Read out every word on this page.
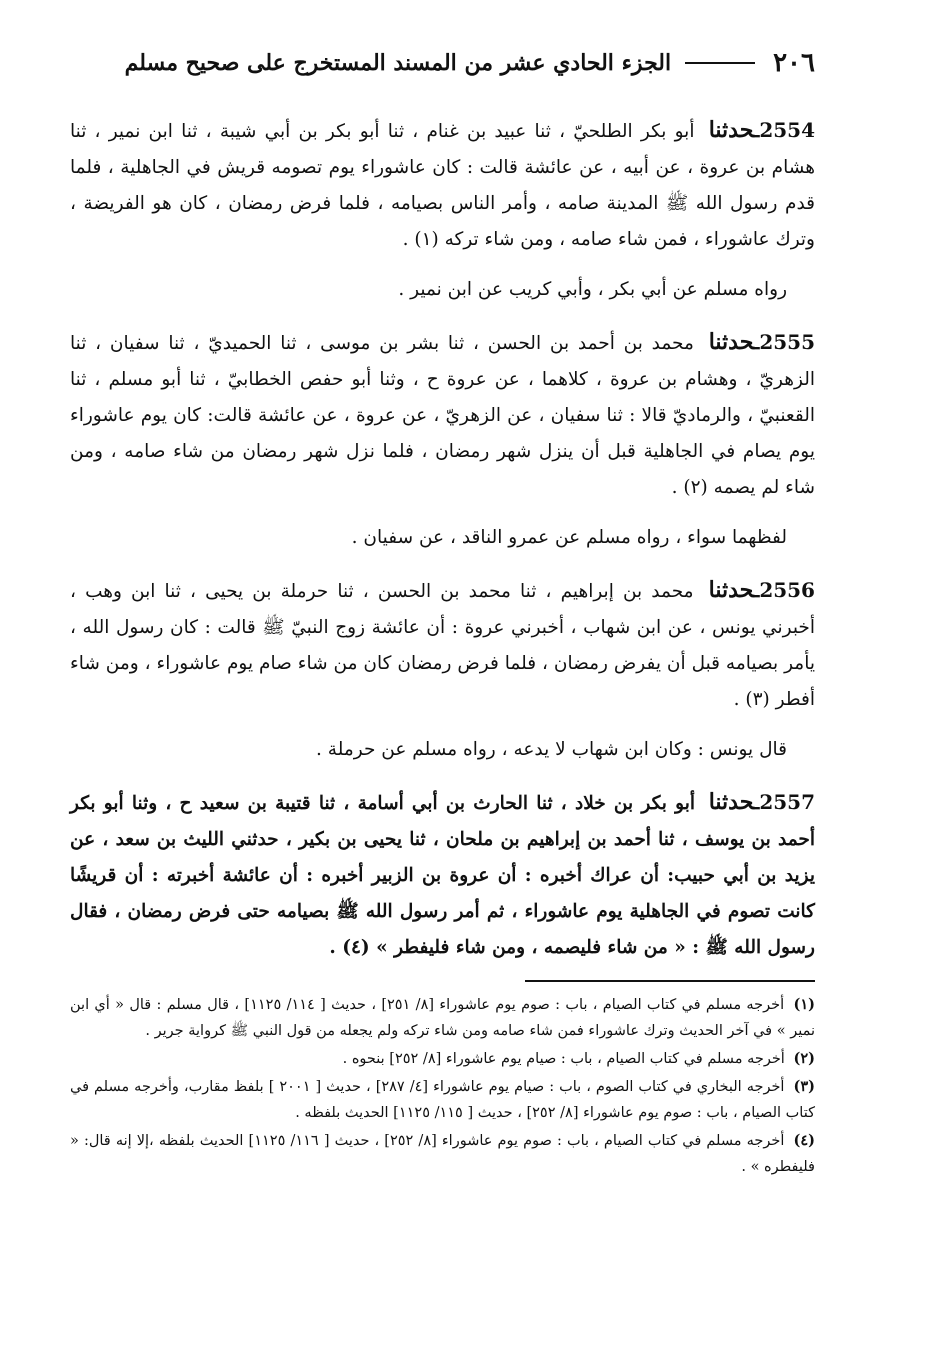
٢٠٦
الجزء الحادي عشر من المسند المستخرج على صحيح مسلم

2554ـحدثنا أبو بكر الطلحيّ ، ثنا عبيد بن غنام ، ثنا أبو بكر بن أبي شيبة ، ثنا ابن نمير ، ثنا هشام بن عروة ، عن أبيه ، عن عائشة قالت : كان عاشوراء يوم تصومه قريش في الجاهلية ، فلما قدم رسول الله ﷺ المدينة صامه ، وأمر الناس بصيامه ، فلما فرض رمضان ، كان هو الفريضة ، وترك عاشوراء ، فمن شاء صامه ، ومن شاء تركه (١) .

رواه مسلم عن أبي بكر ، وأبي كريب عن ابن نمير .

2555ـحدثنا محمد بن أحمد بن الحسن ، ثنا بشر بن موسى ، ثنا الحميديّ ، ثنا سفيان ، ثنا الزهريّ ، وهشام بن عروة ، كلاهما ، عن عروة ح ، وثنا أبو حفص الخطابيّ ، ثنا أبو مسلم ، ثنا القعنبيّ ، والرماديّ قالا : ثنا سفيان ، عن الزهريّ ، عن عروة ، عن عائشة قالت: كان يوم عاشوراء يوم يصام في الجاهلية قبل أن ينزل شهر رمضان ، فلما نزل شهر رمضان من شاء صامه ، ومن شاء لم يصمه (٢) .

لفظهما سواء ، رواه مسلم عن عمرو الناقد ، عن سفيان .

2556ـحدثنا محمد بن إبراهيم ، ثنا محمد بن الحسن ، ثنا حرملة بن يحيى ، ثنا ابن وهب ، أخبرني يونس ، عن ابن شهاب ، أخبرني عروة : أن عائشة زوج النبيّ ﷺ قالت : كان رسول الله ، يأمر بصيامه قبل أن يفرض رمضان ، فلما فرض رمضان كان من شاء صام يوم عاشوراء ، ومن شاء أفطر (٣) .

قال يونس : وكان ابن شهاب لا يدعه ، رواه مسلم عن حرملة .

2557ـحدثنا أبو بكر بن خلاد ، ثنا الحارث بن أبي أسامة ، ثنا قتيبة بن سعيد ح ، وثنا أبو بكر أحمد بن يوسف ، ثنا أحمد بن إبراهيم بن ملحان ، ثنا يحيى بن بكير ، حدثني الليث بن سعد ، عن يزيد بن أبي حبيب: أن عراك أخبره : أن عروة بن الزبير أخبره : أن عائشة أخبرته : أن قريشًا كانت تصوم في الجاهلية يوم عاشوراء ، ثم أمر رسول الله ﷺ بصيامه حتى فرض رمضان ، فقال رسول الله ﷺ : « من شاء فليصمه ، ومن شاء فليفطر » (٤) .

(١) أخرجه مسلم في كتاب الصيام ، باب : صوم يوم عاشوراء [٨/ ٢٥١] ، حديث [ ١١٤/ ١١٢٥] ، قال مسلم : قال « أي ابن نمير » في آخر الحديث وترك عاشوراء فمن شاء صامه ومن شاء تركه ولم يجعله من قول النبي ﷺ كرواية جرير .

(٢) أخرجه مسلم في كتاب الصيام ، باب : صيام يوم عاشوراء [٨/ ٢٥٢] بنحوه .

(٣) أخرجه البخاري في كتاب الصوم ، باب : صيام يوم عاشوراء [٤/ ٢٨٧] ، حديث [ ٢٠٠١ ] بلفظ مقارب، وأخرجه مسلم في كتاب الصيام ، باب : صوم يوم عاشوراء [٨/ ٢٥٢] ، حديث [ ١١٥/ ١١٢٥] الحديث بلفظه .

(٤) أخرجه مسلم في كتاب الصيام ، باب : صوم يوم عاشوراء [٨/ ٢٥٢] ، حديث [ ١١٦/ ١١٢٥] الحديث بلفظه ،إلا إنه قال: « فليفطره » .
